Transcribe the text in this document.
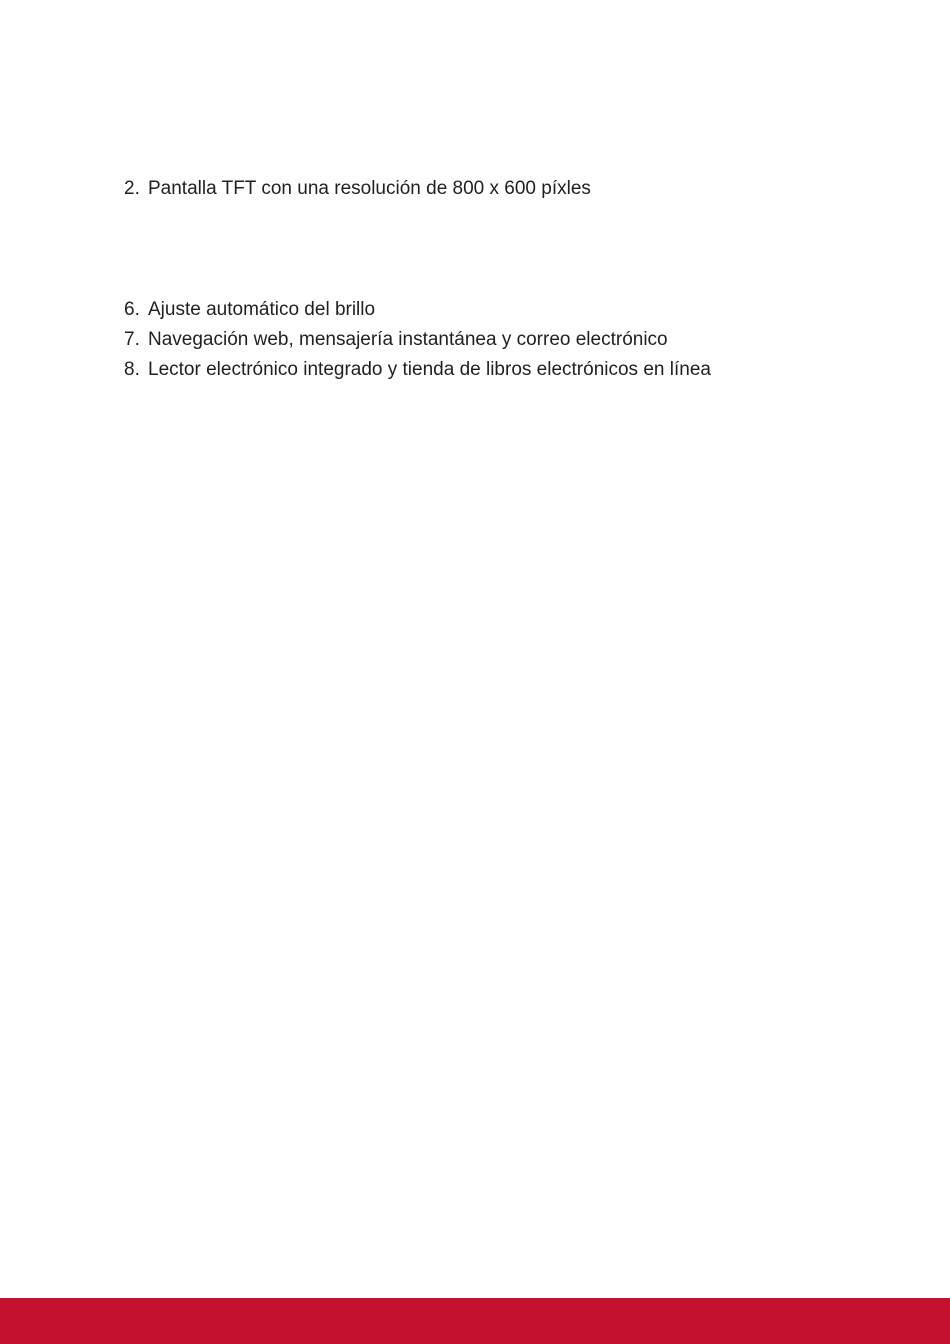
2. Pantalla TFT con una resolución de 800 x 600 píxles
6. Ajuste automático del brillo
7. Navegación web, mensajería instantánea y correo electrónico
8. Lector electrónico integrado y tienda de libros electrónicos en línea
